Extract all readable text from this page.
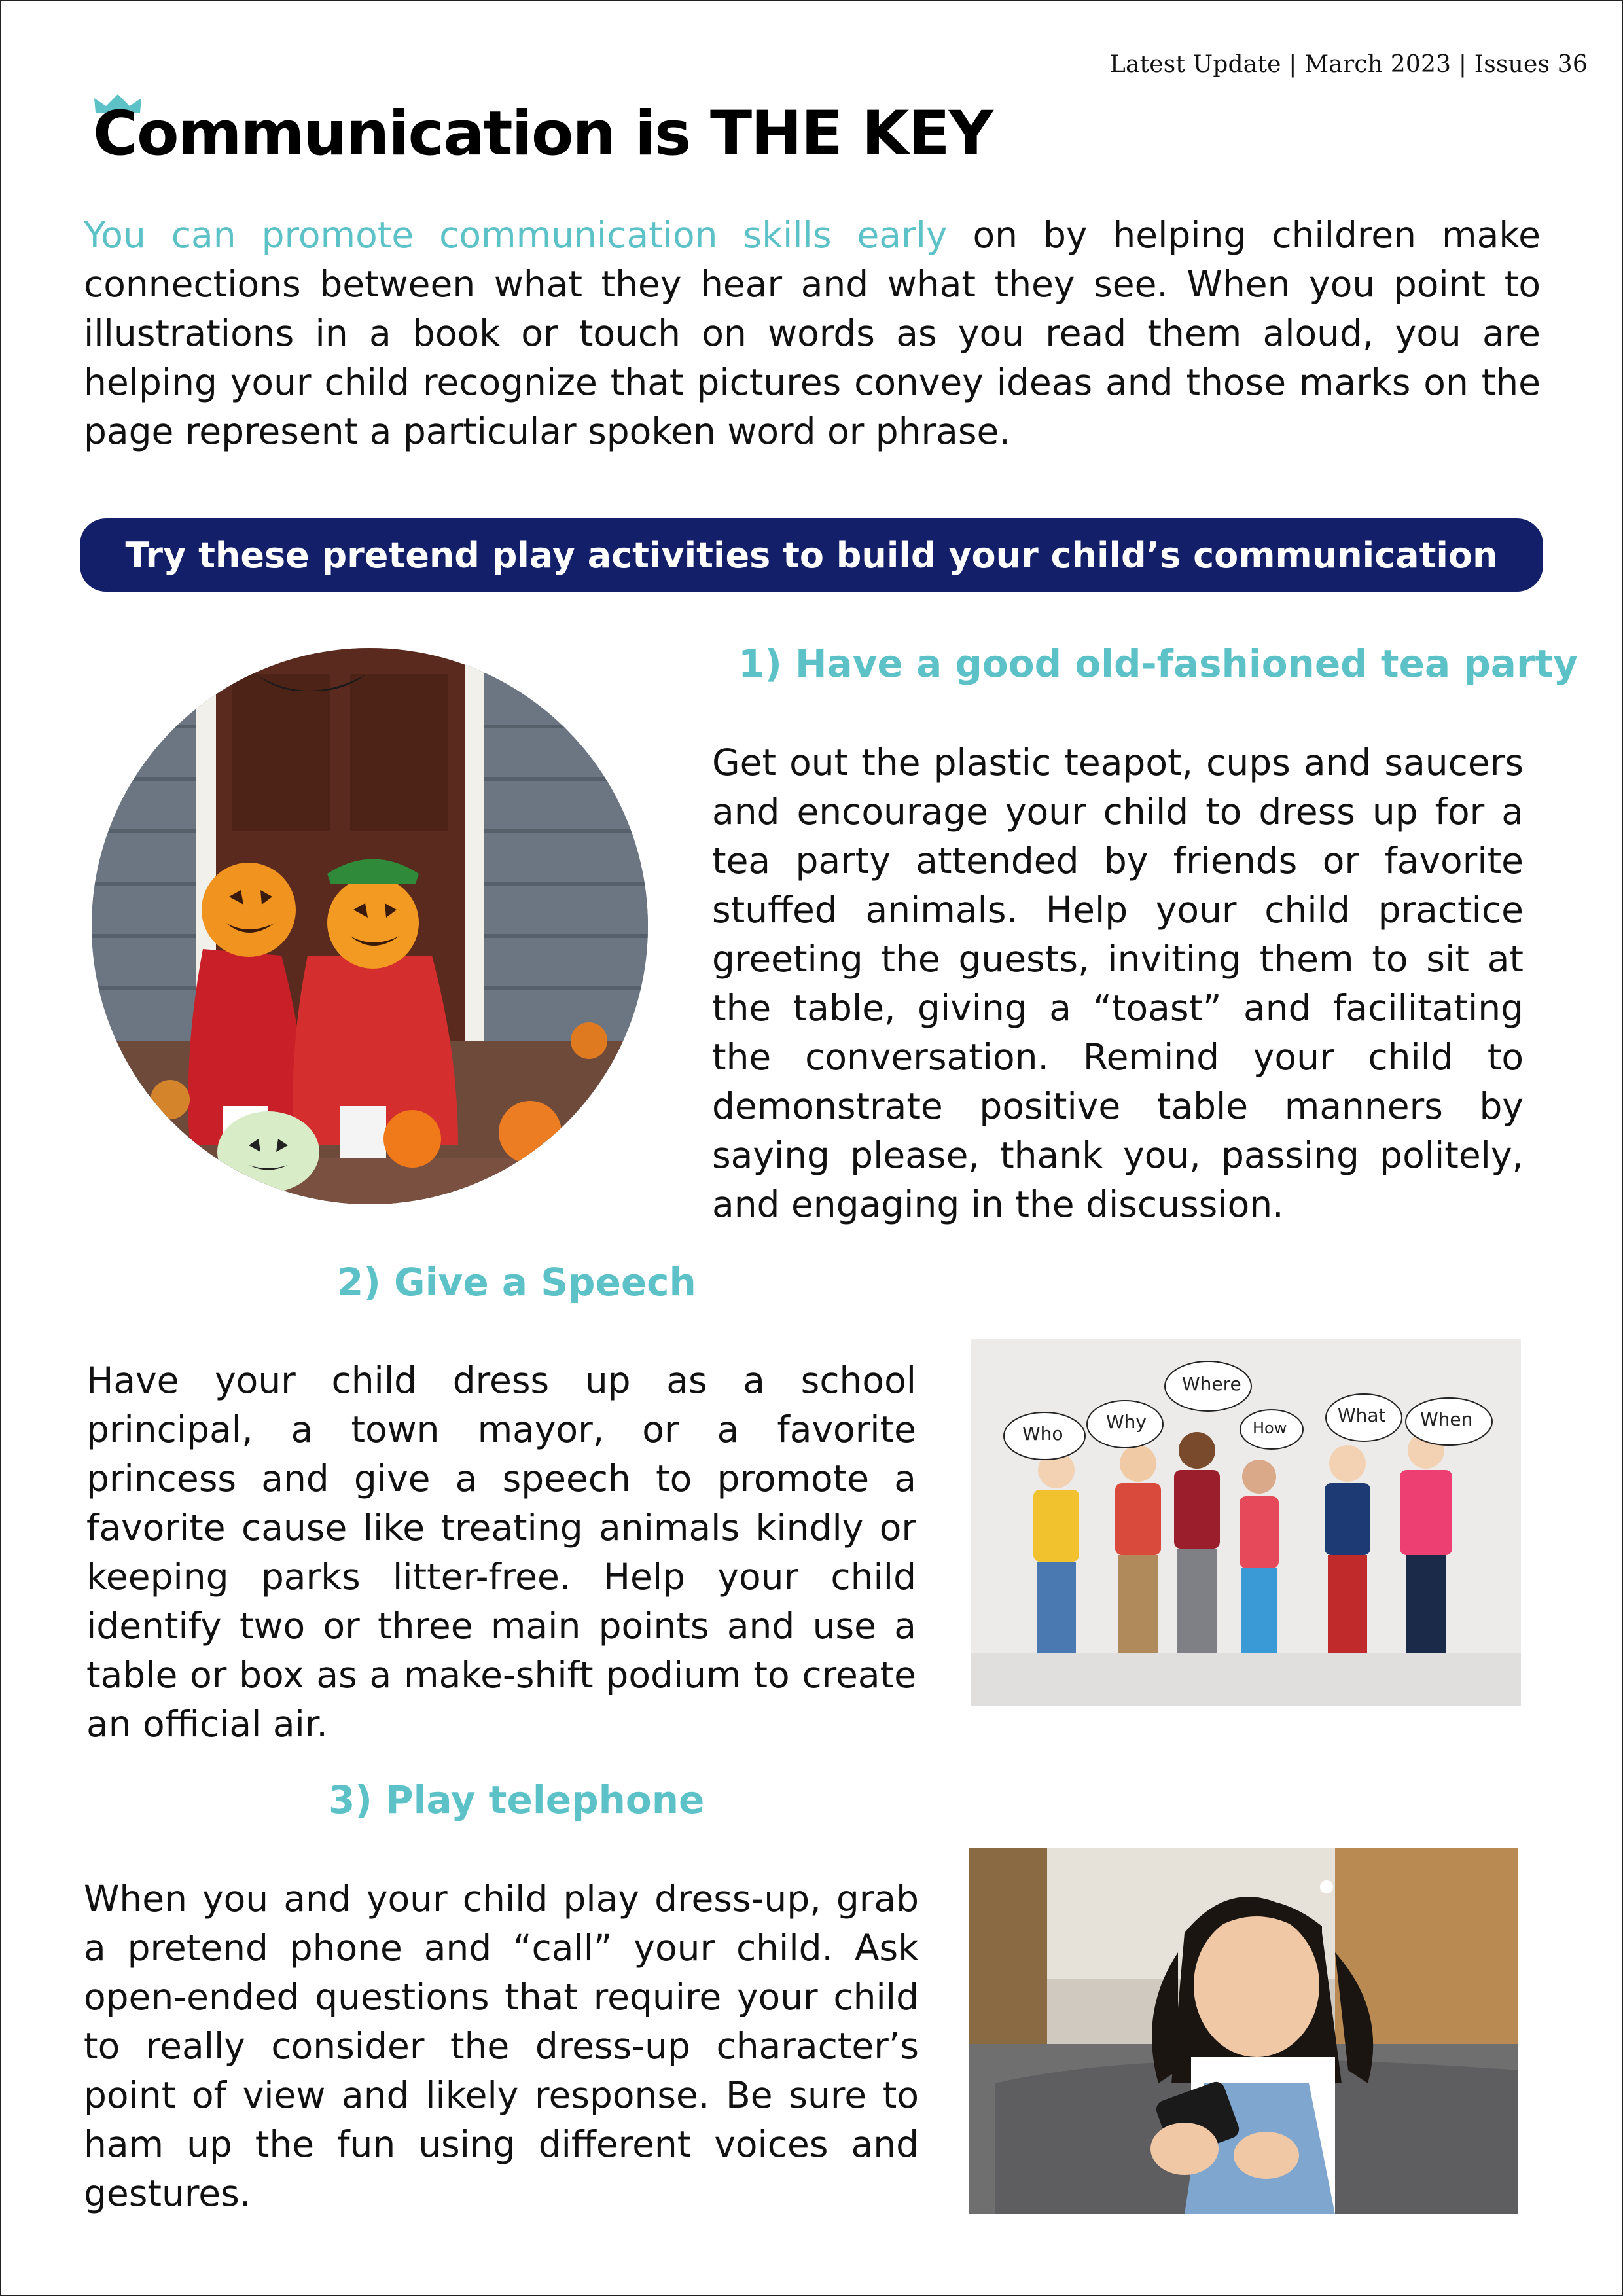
Latest Update | March 2023 | Issues 36
Communication is THE KEY
You can promote communication skills early on by helping children make connections between what they hear and what they see. When you point to illustrations in a book or touch on words as you read them aloud, you are helping your child recognize that pictures convey ideas and those marks on the page represent a particular spoken word or phrase.
Try these pretend play activities to build your child’s communication
1) Have a good old-fashioned tea party
Get out the plastic teapot, cups and saucers and encourage your child to dress up for a tea party attended by friends or favorite stuffed animals. Help your child practice greeting the guests, inviting them to sit at the table, giving a “toast” and facilitating the conversation. Remind your child to demonstrate positive table manners by saying please, thank you, passing politely, and engaging in the discussion.
2) Give a Speech
Have your child dress up as a school principal, a town mayor, or a favorite princess and give a speech to promote a favorite cause like treating animals kindly or keeping parks litter-free. Help your child identify two or three main points and use a table or box as a make-shift podium to create an official air.
Who
Why
Where
How
What When
3) Play telephone
When you and your child play dress-up, grab a pretend phone and “call” your child. Ask open-ended questions that require your child to really consider the dress-up character’s point of view and likely response. Be sure to ham up the fun using different voices and gestures.
